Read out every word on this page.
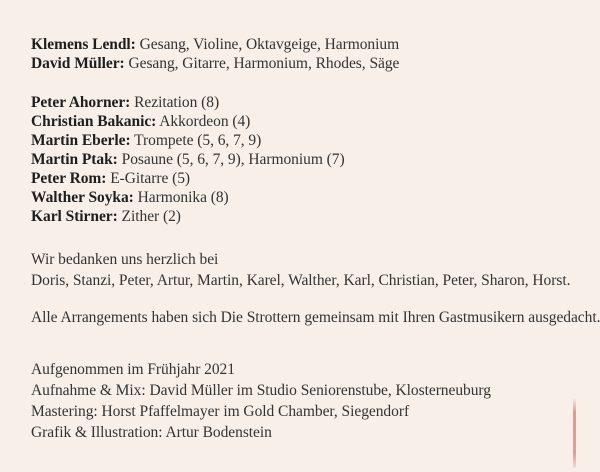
Klemens Lendl: Gesang, Violine, Oktavgeige, Harmonium
David Müller: Gesang, Gitarre, Harmonium, Rhodes, Säge
Peter Ahorner: Rezitation (8)
Christian Bakanic: Akkordeon (4)
Martin Eberle: Trompete (5, 6, 7, 9)
Martin Ptak: Posaune (5, 6, 7, 9), Harmonium (7)
Peter Rom: E-Gitarre (5)
Walther Soyka: Harmonika (8)
Karl Stirner: Zither (2)
Wir bedanken uns herzlich bei
Doris, Stanzi, Peter, Artur, Martin, Karel, Walther, Karl, Christian, Peter, Sharon, Horst.
Alle Arrangements haben sich Die Strottern gemeinsam mit Ihren Gastmusikern ausgedacht.
Aufgenommen im Frühjahr 2021
Aufnahme & Mix: David Müller im Studio Seniorenstube, Klosterneuburg
Mastering: Horst Pfaffelmayer im Gold Chamber, Siegendorf
Grafik & Illustration: Artur Bodenstein
